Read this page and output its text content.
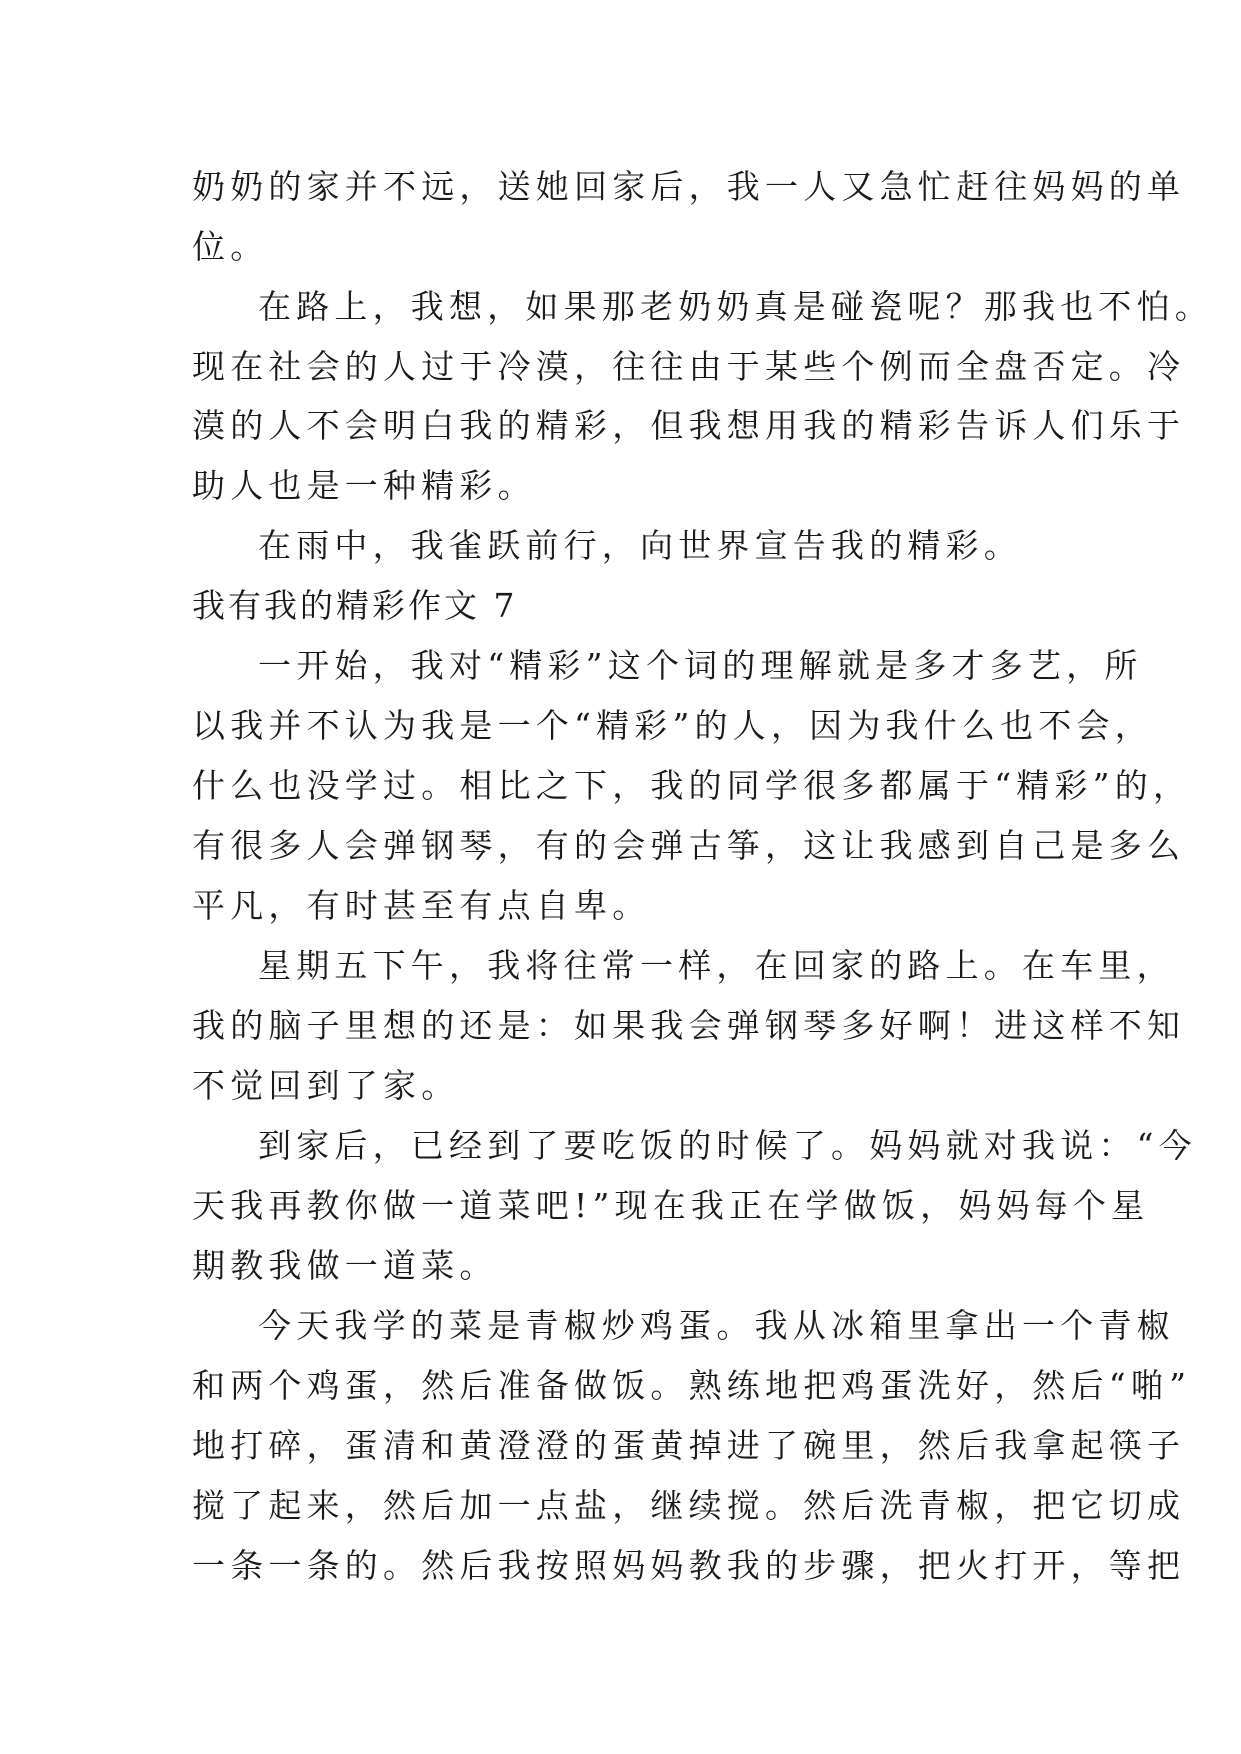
奶奶的家并不远，送她回家后，我一人又急忙赶往妈妈的单
位。
在路上，我想，如果那老奶奶真是碰瓷呢？那我也不怕。
现在社会的人过于冷漠，往往由于某些个例而全盘否定。冷
漠的人不会明白我的精彩，但我想用我的精彩告诉人们乐于
助人也是一种精彩。
在雨中，我雀跃前行，向世界宣告我的精彩。
我有我的精彩作文 7
一开始，我对“精彩”这个词的理解就是多才多艺，所
以我并不认为我是一个“精彩”的人，因为我什么也不会，
什么也没学过。相比之下，我的同学很多都属于“精彩”的，
有很多人会弹钢琴，有的会弹古筝，这让我感到自己是多么
平凡，有时甚至有点自卑。
星期五下午，我将往常一样，在回家的路上。在车里，
我的脑子里想的还是：如果我会弹钢琴多好啊！进这样不知
不觉回到了家。
到家后，已经到了要吃饭的时候了。妈妈就对我说：“今
天我再教你做一道菜吧!”现在我正在学做饭，妈妈每个星
期教我做一道菜。
今天我学的菜是青椒炒鸡蛋。我从冰箱里拿出一个青椒
和两个鸡蛋，然后准备做饭。熟练地把鸡蛋洗好，然后“啪”
地打碎，蛋清和黄澄澄的蛋黄掉进了碗里，然后我拿起筷子
搅了起来，然后加一点盐，继续搅。然后洗青椒，把它切成
一条一条的。然后我按照妈妈教我的步骤，把火打开，等把
